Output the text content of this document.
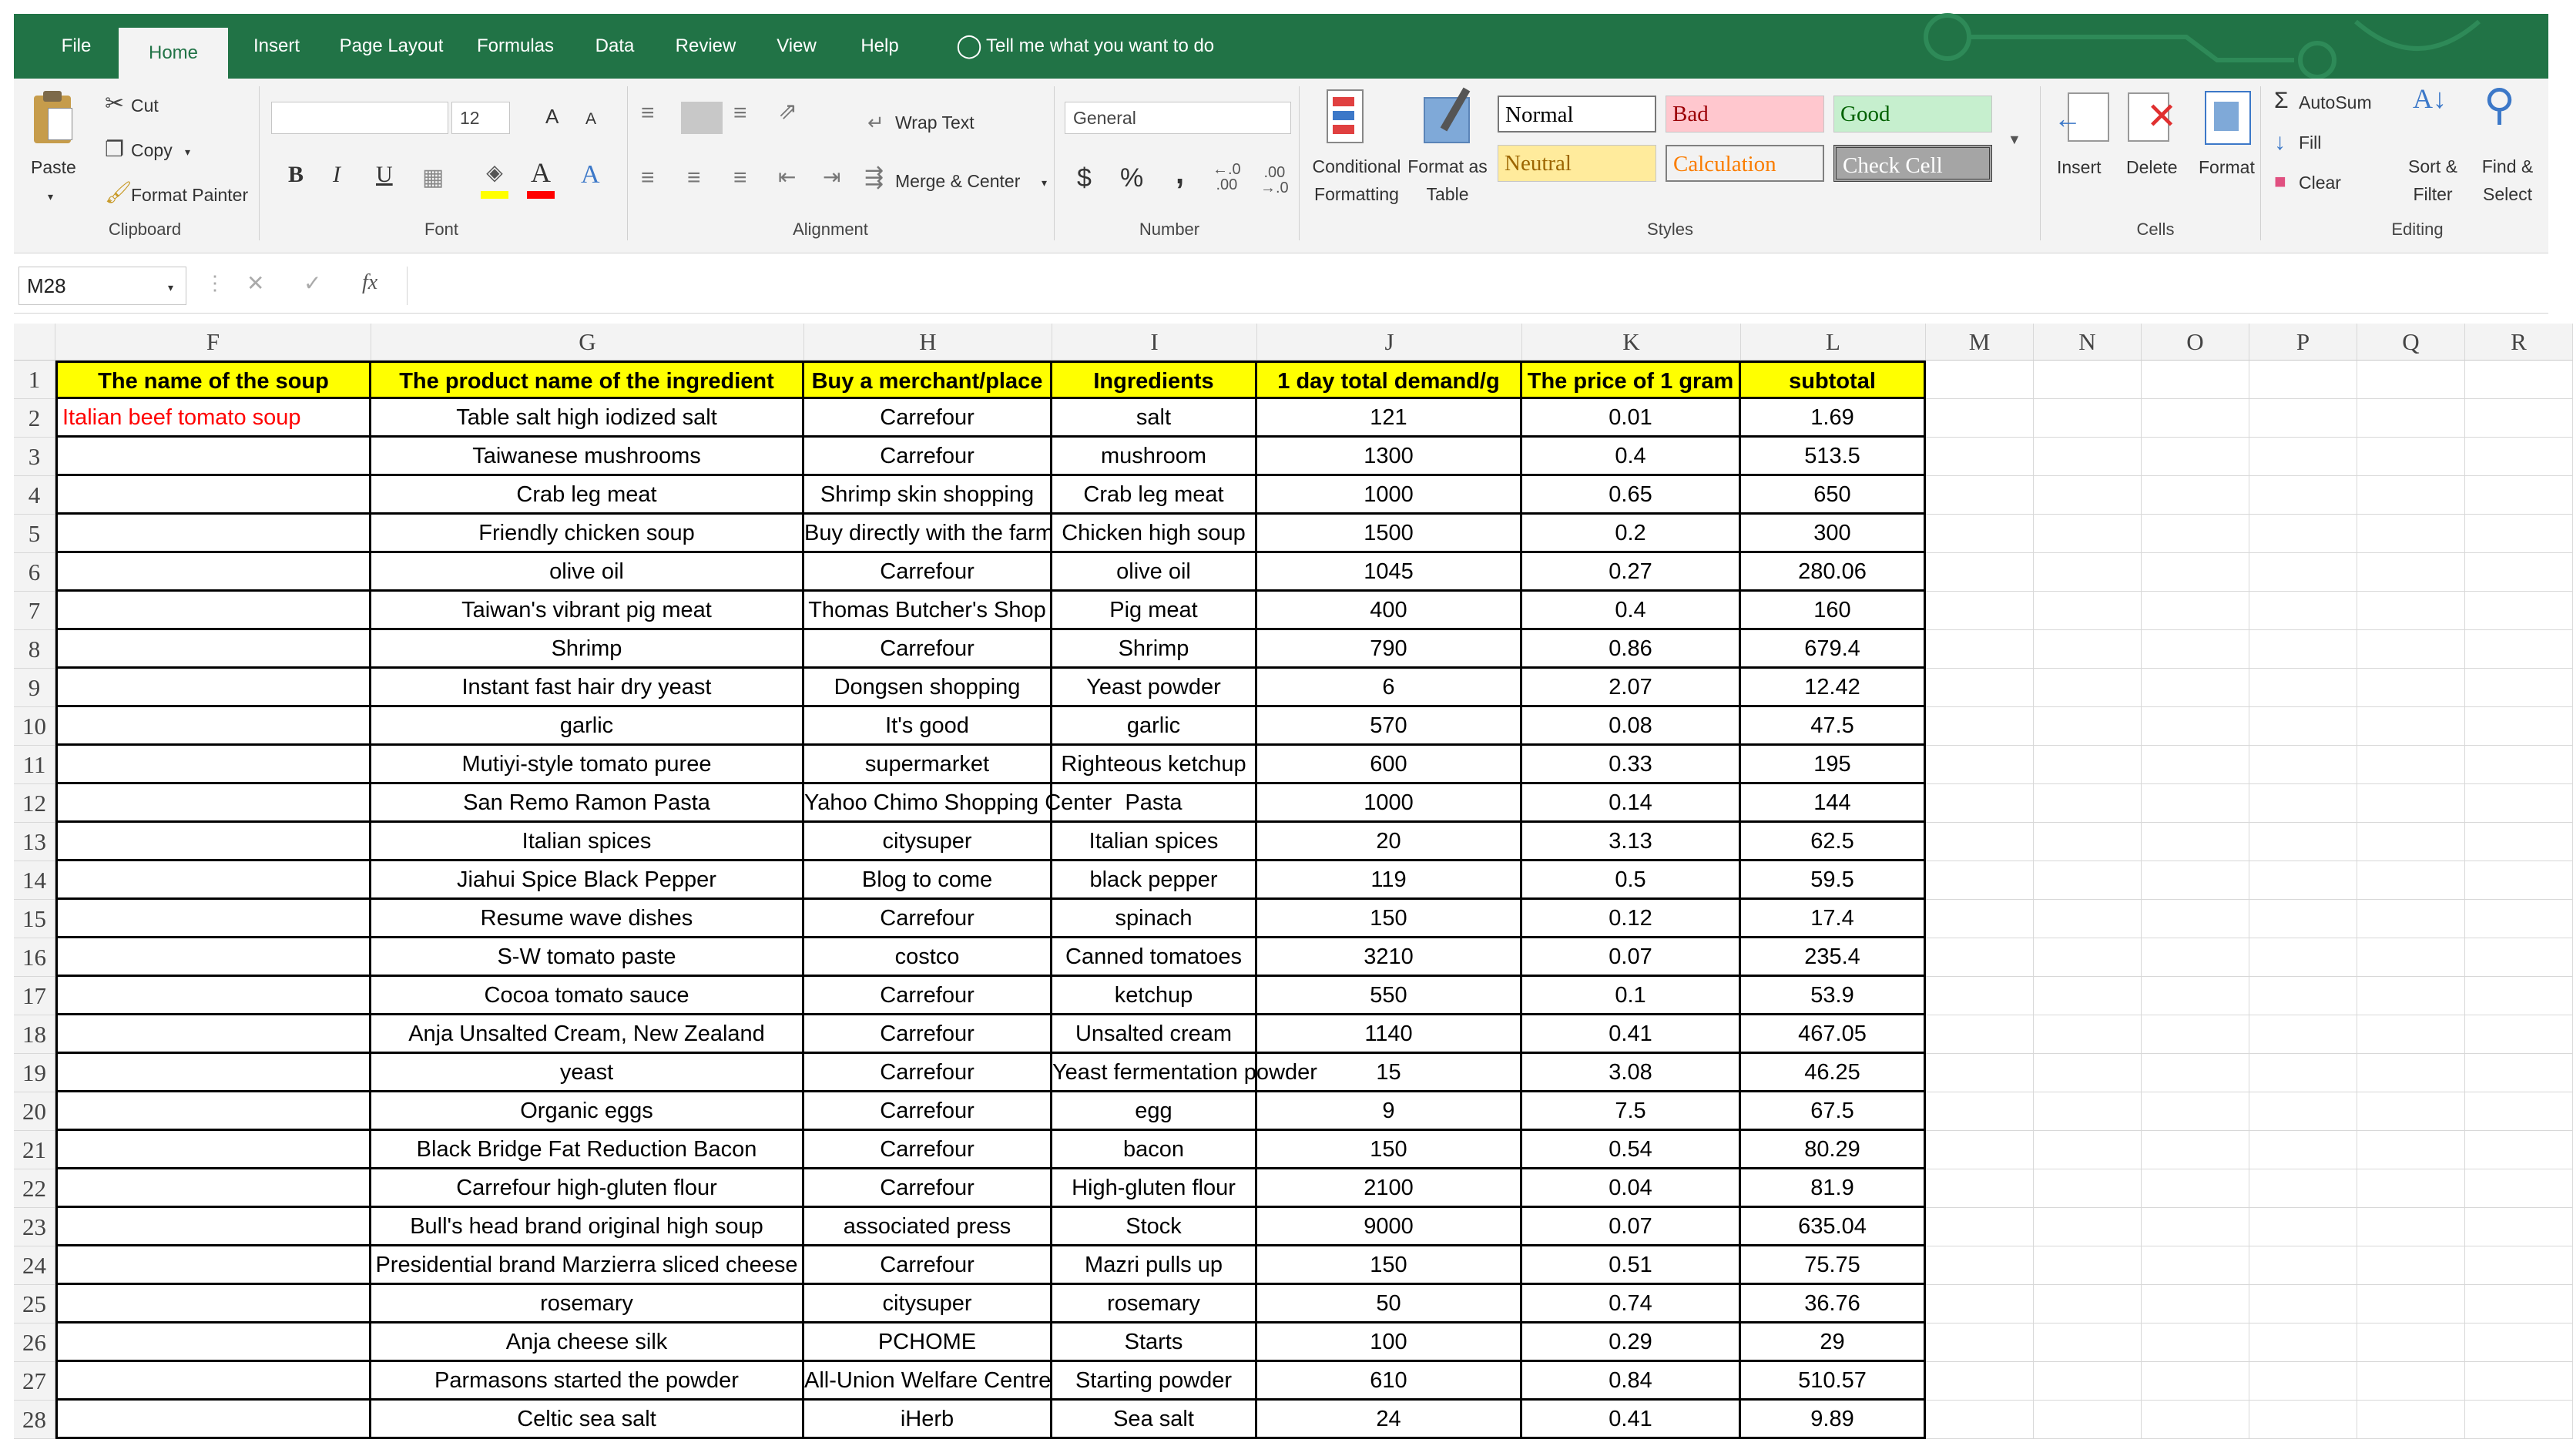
File	Home	Insert	Page Layout	Formulas	Data	Review	View	Help	◯ Tell me what you want to do
Paste
▾
✂ Cut
❐ Copy ▾
🖌
Format Painter
Clipboard
12	A A
B I U ▦ ◈ A A
Font
≡	≡ ⇗
≡ ≡ ≡ ⇤ ⇥
↵ Wrap Text
⇶ Merge & Center ▾
Alignment
General
$ % , ←.0
.00
.00
→.0
Number
Conditional Formatting
Format as Table
Normal	Bad	Good
Neutral	Calculation	Check Cell
▼
Styles
←
Insert
✕
Delete Format
Cells
Σ AutoSum
↓ Fill
■ Clear
A↓
Sort & Filter
⚲
Find & Select
Editing
M28	▾ ⋮ ✕ ✓ fx
F	G	H	I	J	K	L	M	N	O	P	Q	R
1
2
3
4
5
6
7
8
9
10
11
12
13
14
15
16
17
18
19
20
21
22
23
24
25
26
27
28
The name of the soup	The product name of the ingredient	Buy a merchant/place	Ingredients	1 day total demand/g	The price of 1 gram	subtotal
Italian beef tomato soup	Table salt high iodized salt	Carrefour	salt	121	0.01	1.69
Taiwanese mushrooms	Carrefour	mushroom	1300	0.4	513.5
Crab leg meat	Shrimp skin shopping	Crab leg meat	1000	0.65	650
Friendly chicken soup	Buy directly with the farm Chicken high soup	1500	0.2	300
olive oil	Carrefour	olive oil	1045	0.27	280.06
Taiwan's vibrant pig meat	Thomas Butcher's Shop	Pig meat	400	0.4	160
Shrimp	Carrefour	Shrimp	790	0.86	679.4
Instant fast hair dry yeast	Dongsen shopping	Yeast powder	6	2.07	12.42
garlic	It's good	garlic	570	0.08	47.5
Mutiyi-style tomato puree	supermarket	Righteous ketchup	600	0.33	195
San Remo Ramon Pasta	Yahoo Chimo Shopping Center Pasta	1000	0.14	144
Italian spices	citysuper	Italian spices	20	3.13	62.5
Jiahui Spice Black Pepper	Blog to come	black pepper	119	0.5	59.5
Resume wave dishes	Carrefour	spinach	150	0.12	17.4
S-W tomato paste	costco	Canned tomatoes	3210	0.07	235.4
Cocoa tomato sauce	Carrefour	ketchup	550	0.1	53.9
Anja Unsalted Cream, New Zealand	Carrefour	Unsalted cream	1140	0.41	467.05
yeast	Carrefour	Yeast fermentation powder	15	3.08	46.25
Organic eggs	Carrefour	egg	9	7.5	67.5
Black Bridge Fat Reduction Bacon	Carrefour	bacon	150	0.54	80.29
Carrefour high-gluten flour	Carrefour	High-gluten flour	2100	0.04	81.9
Bull's head brand original high soup	associated press	Stock	9000	0.07	635.04
Presidential brand Marzierra sliced cheese	Carrefour	Mazri pulls up	150	0.51	75.75
rosemary	citysuper	rosemary	50	0.74	36.76
Anja cheese silk	PCHOME	Starts	100	0.29	29
Parmasons started the powder	All-Union Welfare Centre	Starting powder	610	0.84	510.57
Celtic sea salt	iHerb	Sea salt	24	0.41	9.89
